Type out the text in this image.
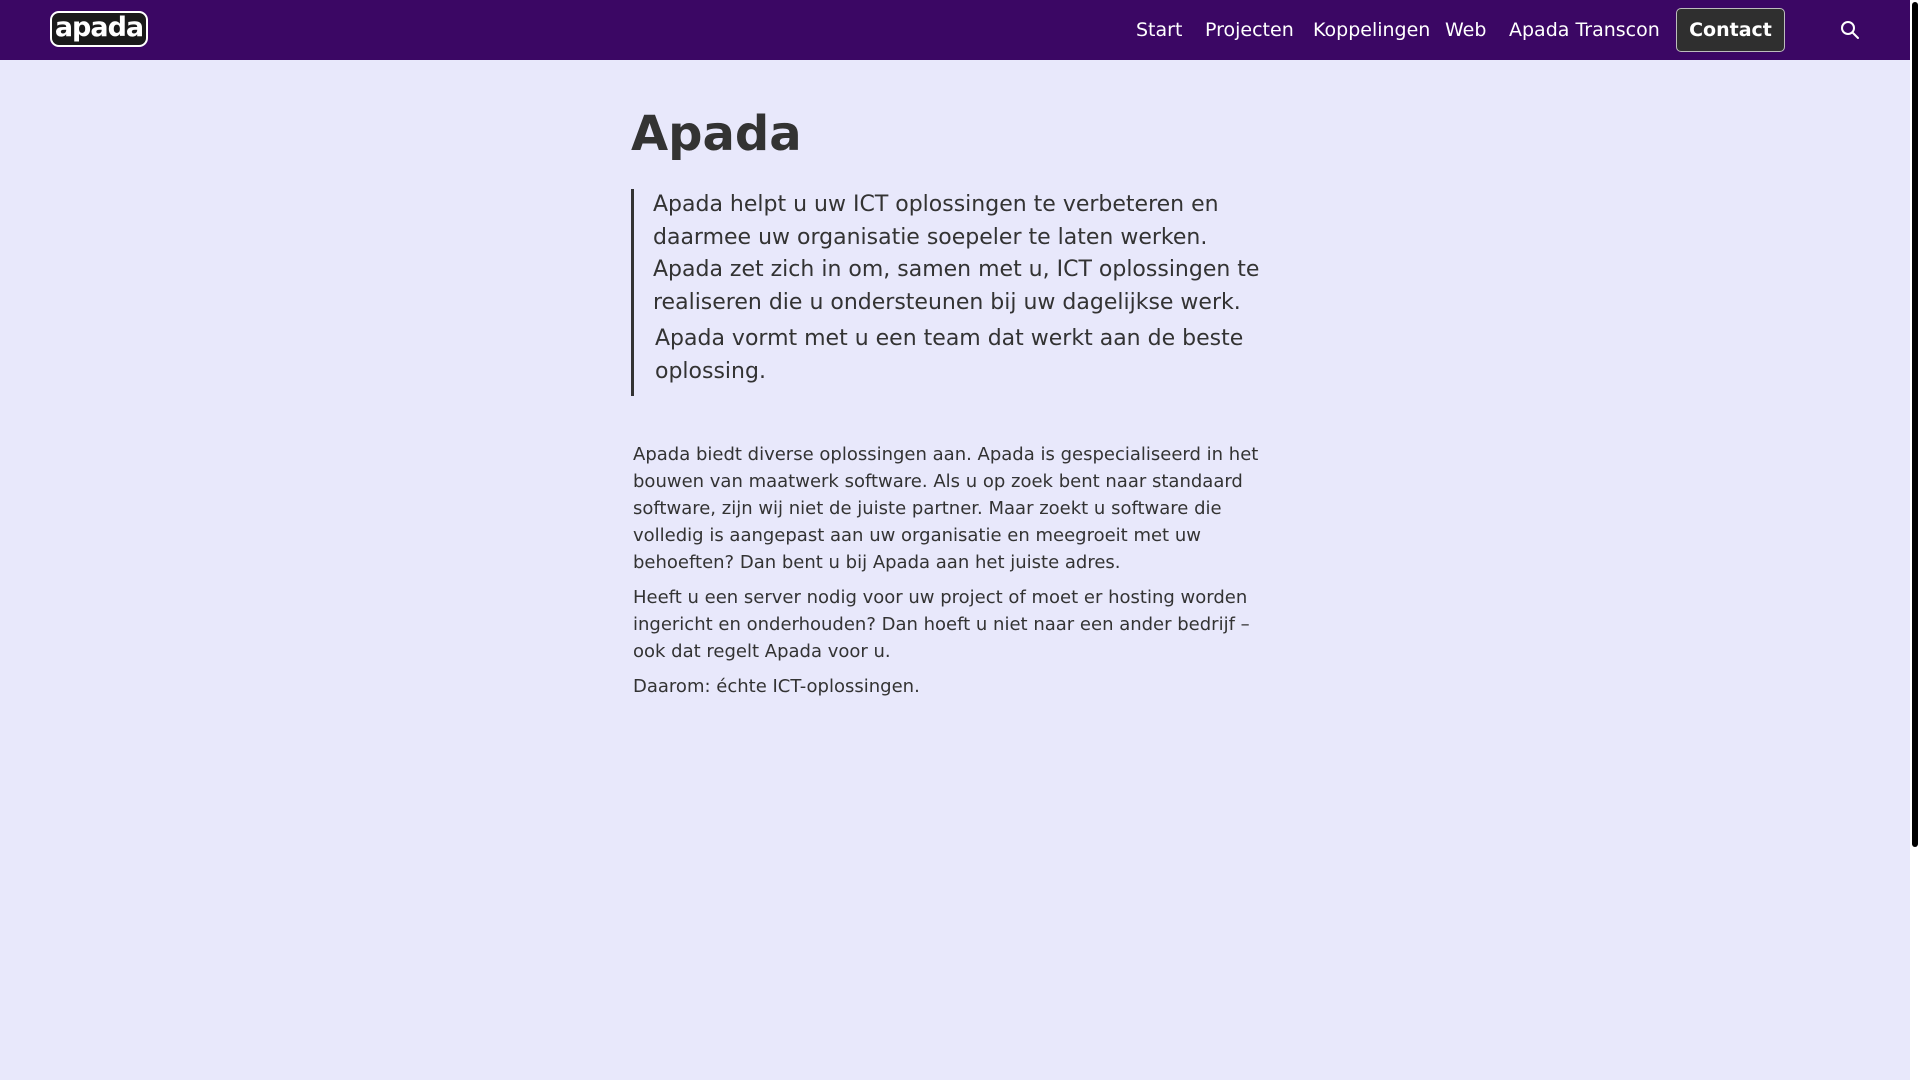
apada	Start Projecten Koppelingen Web Apada Transcon	Contact
Apada

Apada helpt u uw ICT oplossingen te verbeteren en daarmee uw organisatie soepeler te laten werken. Apada zet zich in om, samen met u, ICT oplossingen te realiseren die u ondersteunen bij uw dagelijkse werk.

Apada vormt met u een team dat werkt aan de beste oplossing.

Apada biedt diverse oplossingen aan. Apada is gespecialiseerd in het bouwen van maatwerk software. Als u op zoek bent naar standaard software, zijn wij niet de juiste partner. Maar zoekt u software die volledig is aangepast aan uw organisatie en meegroeit met uw behoeften? Dan bent u bij Apada aan het juiste adres.

Heeft u een server nodig voor uw project of moet er hosting worden ingericht en onderhouden? Dan hoeft u niet naar een ander bedrijf – ook dat regelt Apada voor u.

Daarom: échte ICT-oplossingen.
